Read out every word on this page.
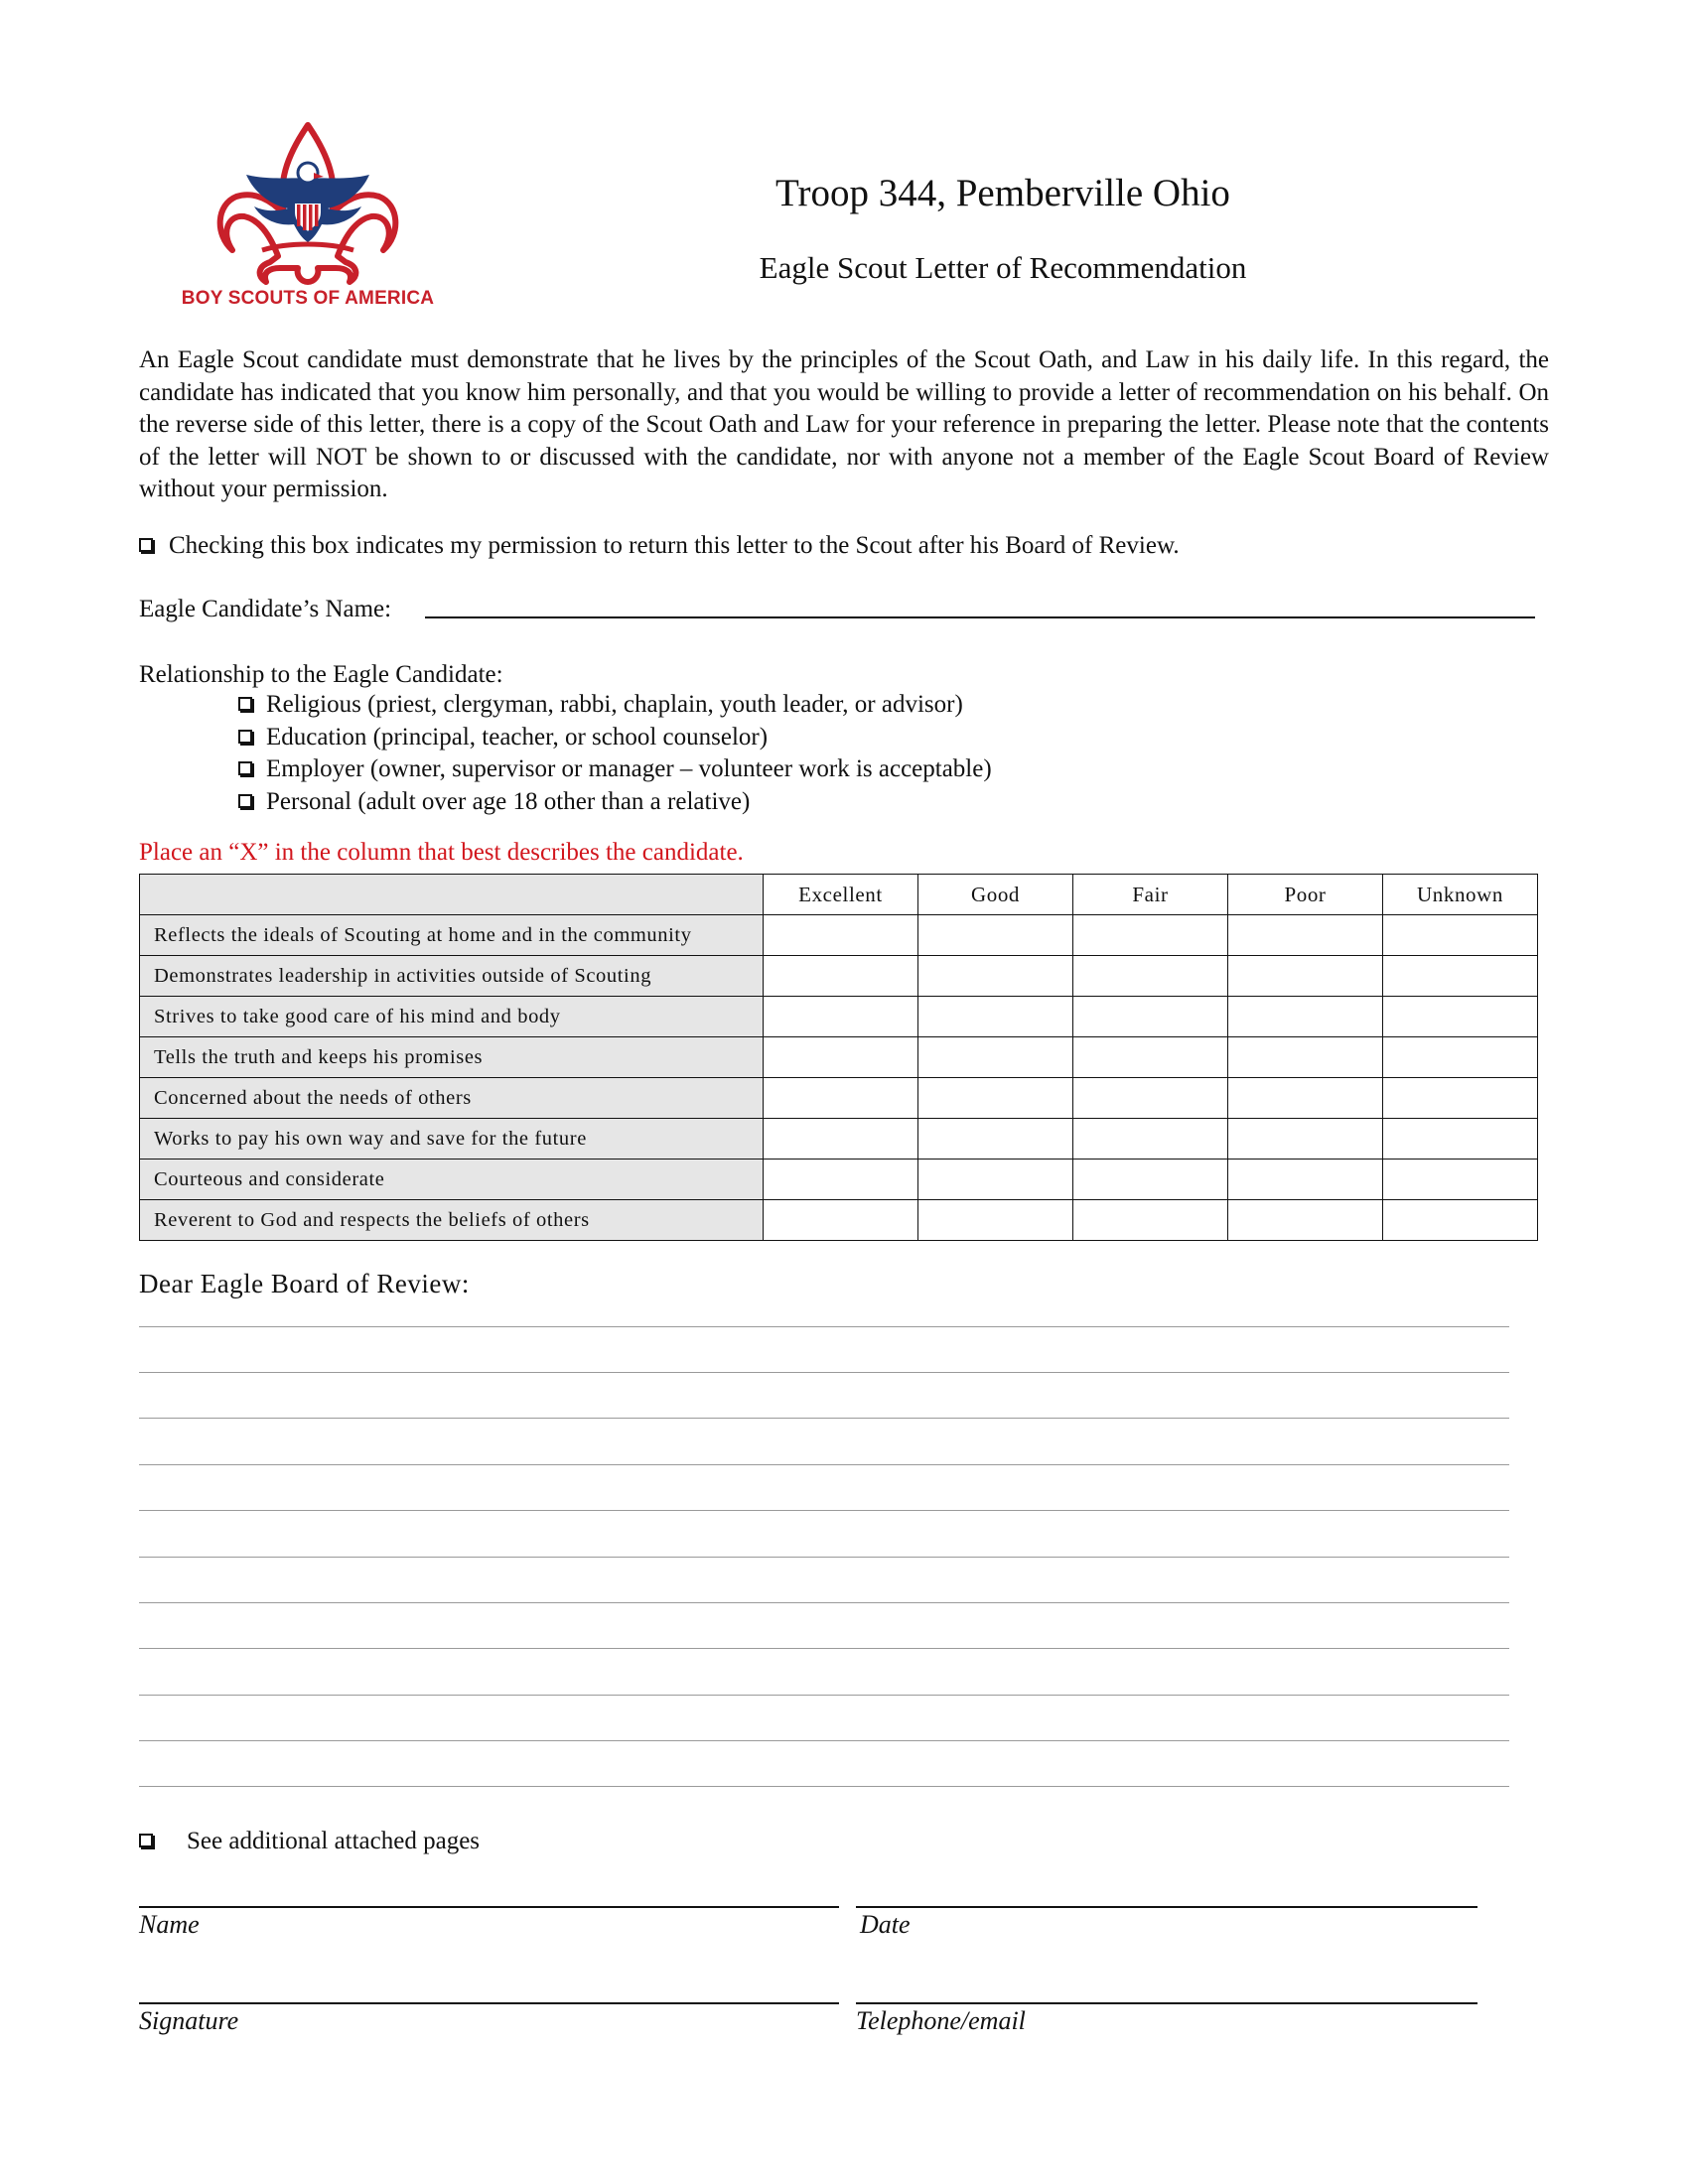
BOY SCOUTS OF AMERICA
Troop 344, Pemberville Ohio
Eagle Scout Letter of Recommendation
An Eagle Scout candidate must demonstrate that he lives by the principles of the Scout Oath, and Law in his daily life. In this regard, the candidate has indicated that you know him personally, and that you would be willing to provide a letter of recommendation on his behalf. On the reverse side of this letter, there is a copy of the Scout Oath and Law for your reference in preparing the letter. Please note that the contents of the letter will NOT be shown to or discussed with the candidate, nor with anyone not a member of the Eagle Scout Board of Review without your permission.
Checking this box indicates my permission to return this letter to the Scout after his Board of Review.
Eagle Candidate’s Name:
Relationship to the Eagle Candidate:
Religious (priest, clergyman, rabbi, chaplain, youth leader, or advisor)
Education (principal, teacher, or school counselor)
Employer (owner, supervisor or manager – volunteer work is acceptable)
Personal (adult over age 18 other than a relative)
Place an “X” in the column that best describes the candidate.
	Excellent	Good	Fair	Poor	Unknown
Reflects the ideals of Scouting at home and in the community					
Demonstrates leadership in activities outside of Scouting					
Strives to take good care of his mind and body					
Tells the truth and keeps his promises					
Concerned about the needs of others					
Works to pay his own way and save for the future					
Courteous and considerate					
Reverent to God and respects the beliefs of others					
Dear Eagle Board of Review:
See additional attached pages
Name	Date
Signature	Telephone/email
